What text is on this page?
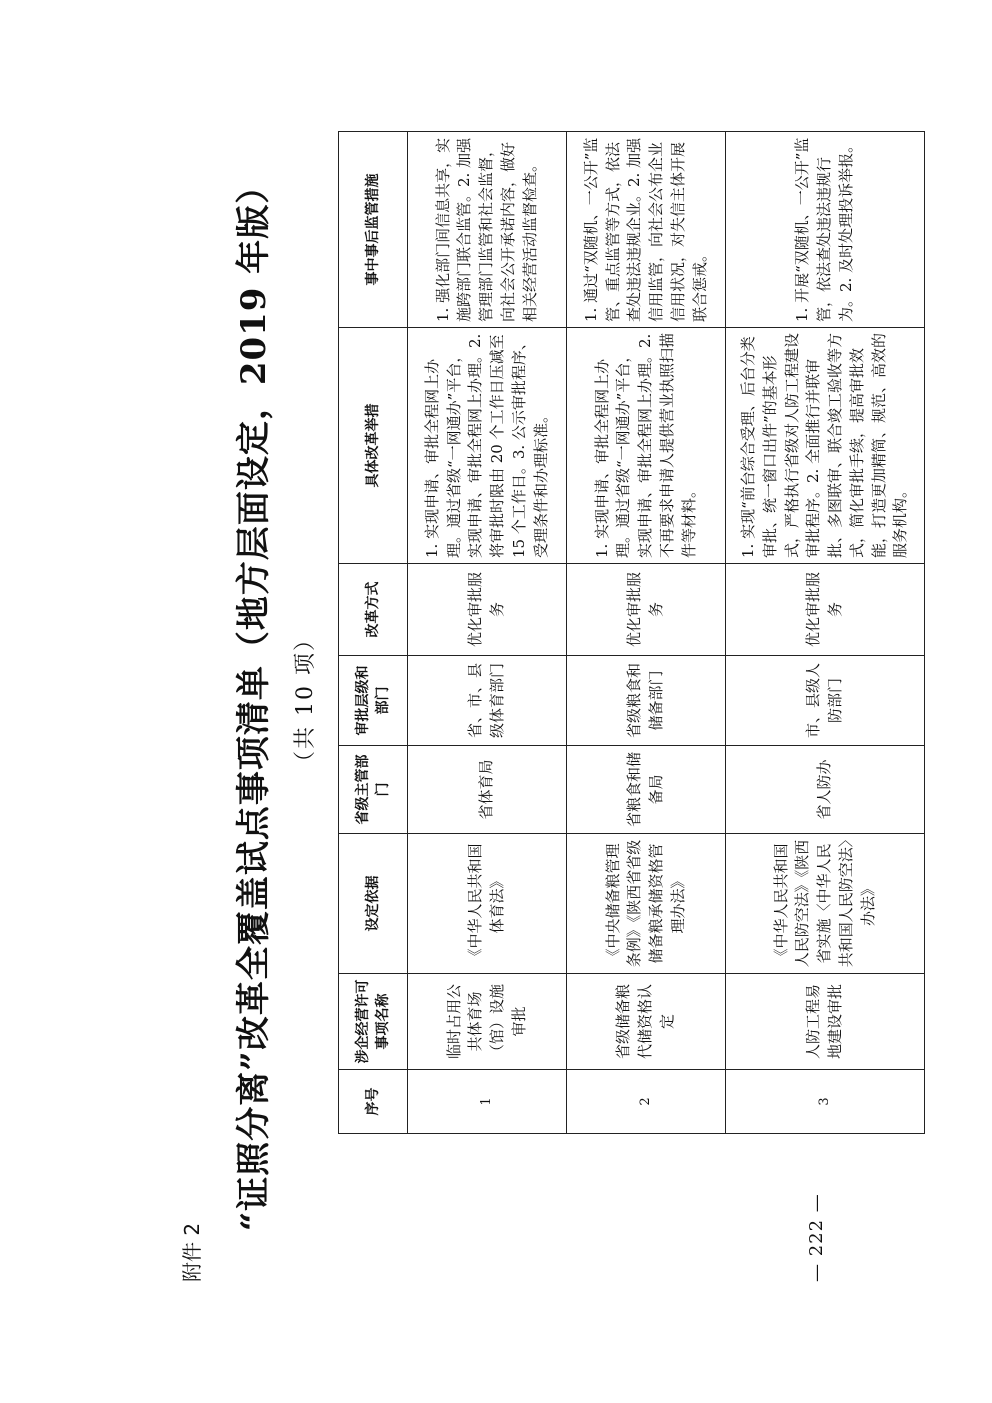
— 222 —
附件 2
“证照分离”改革全覆盖试点事项清单（地方层面设定，2019 年版） （共 10 项）
序号	涉企经营许可事项名称	设定依据	省级主管部门	审批层级和部门	改革方式	具体改革举措	事中事后监管措施
1	临时占用公共体育场（馆）设施审批	《中华人民共和国体育法》	省体育局	省、市、县级体育部门	优化审批服务	1. 实现申请、审批全程网上办理。通过省级“一网通办”平台，实现申请、审批全程网上办理。2. 将审批时限由 20 个工作日压减至 15 个工作日。3. 公示审批程序、受理条件和办理标准。	1. 强化部门间信息共享，实施跨部门联合监管。2. 加强管理部门监管和社会监督，向社会公开承诺内容，做好相关经营活动监督检查。
2	省级储备粮代储资格认定	《中央储备粮管理条例》《陕西省省级储备粮承储资格管理办法》	省粮食和储备局	省级粮食和储备部门	优化审批服务	1. 实现申请、审批全程网上办理。通过省级“一网通办”平台，实现申请、审批全程网上办理。2. 不再要求申请人提供营业执照扫描件等材料。	1. 通过“双随机、一公开”监管、重点监管等方式，依法查处违法违规企业。2. 加强信用监管，向社会公布企业信用状况，对失信主体开展联合惩戒。
3	人防工程易地建设审批	《中华人民共和国人民防空法》《陕西省实施〈中华人民共和国人民防空法〉办法》	省人防办	市、县级人防部门	优化审批服务	1. 实现“前台综合受理、后台分类审批、统一窗口出件”的基本形式，严格执行省级对人防工程建设审批程序。2. 全面推行并联审批、多图联审、联合竣工验收等方式，简化审批手续，提高审批效能，打造更加精简、规范、高效的服务机构。	1. 开展“双随机、一公开”监管，依法查处违法违规行为。2. 及时处理投诉举报。
